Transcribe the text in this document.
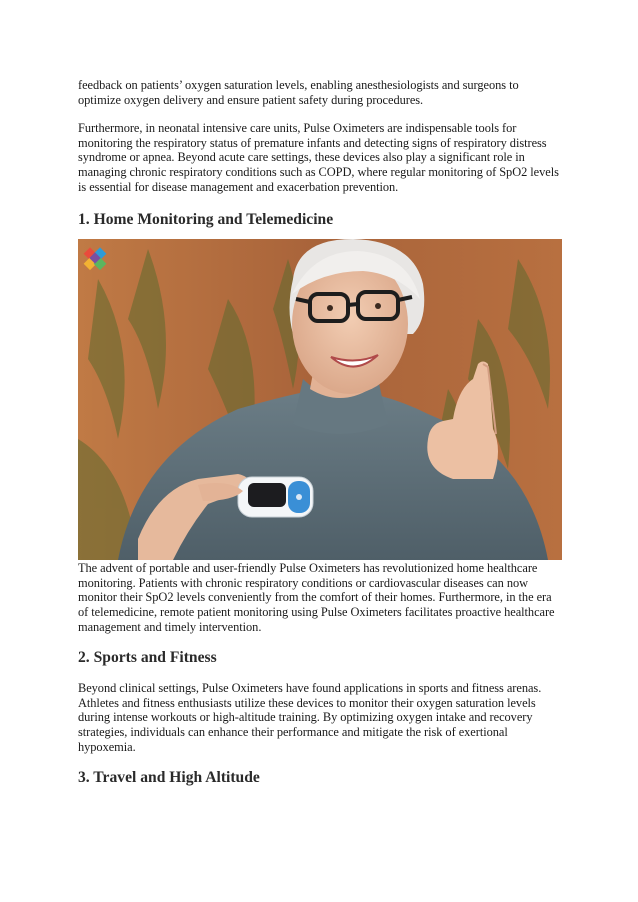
feedback on patients’ oxygen saturation levels, enabling anesthesiologists and surgeons to optimize oxygen delivery and ensure patient safety during procedures.

Furthermore, in neonatal intensive care units, Pulse Oximeters are indispensable tools for monitoring the respiratory status of premature infants and detecting signs of respiratory distress syndrome or apnea. Beyond acute care settings, these devices also play a significant role in managing chronic respiratory conditions such as COPD, where regular monitoring of SpO2 levels is essential for disease management and exacerbation prevention.

1. Home Monitoring and Telemedicine

The advent of portable and user-friendly Pulse Oximeters has revolutionized home healthcare monitoring. Patients with chronic respiratory conditions or cardiovascular diseases can now monitor their SpO2 levels conveniently from the comfort of their homes. Furthermore, in the era of telemedicine, remote patient monitoring using Pulse Oximeters facilitates proactive healthcare management and timely intervention.

2. Sports and Fitness

Beyond clinical settings, Pulse Oximeters have found applications in sports and fitness arenas. Athletes and fitness enthusiasts utilize these devices to monitor their oxygen saturation levels during intense workouts or high-altitude training. By optimizing oxygen intake and recovery strategies, individuals can enhance their performance and mitigate the risk of exertional hypoxemia.

3. Travel and High Altitude
